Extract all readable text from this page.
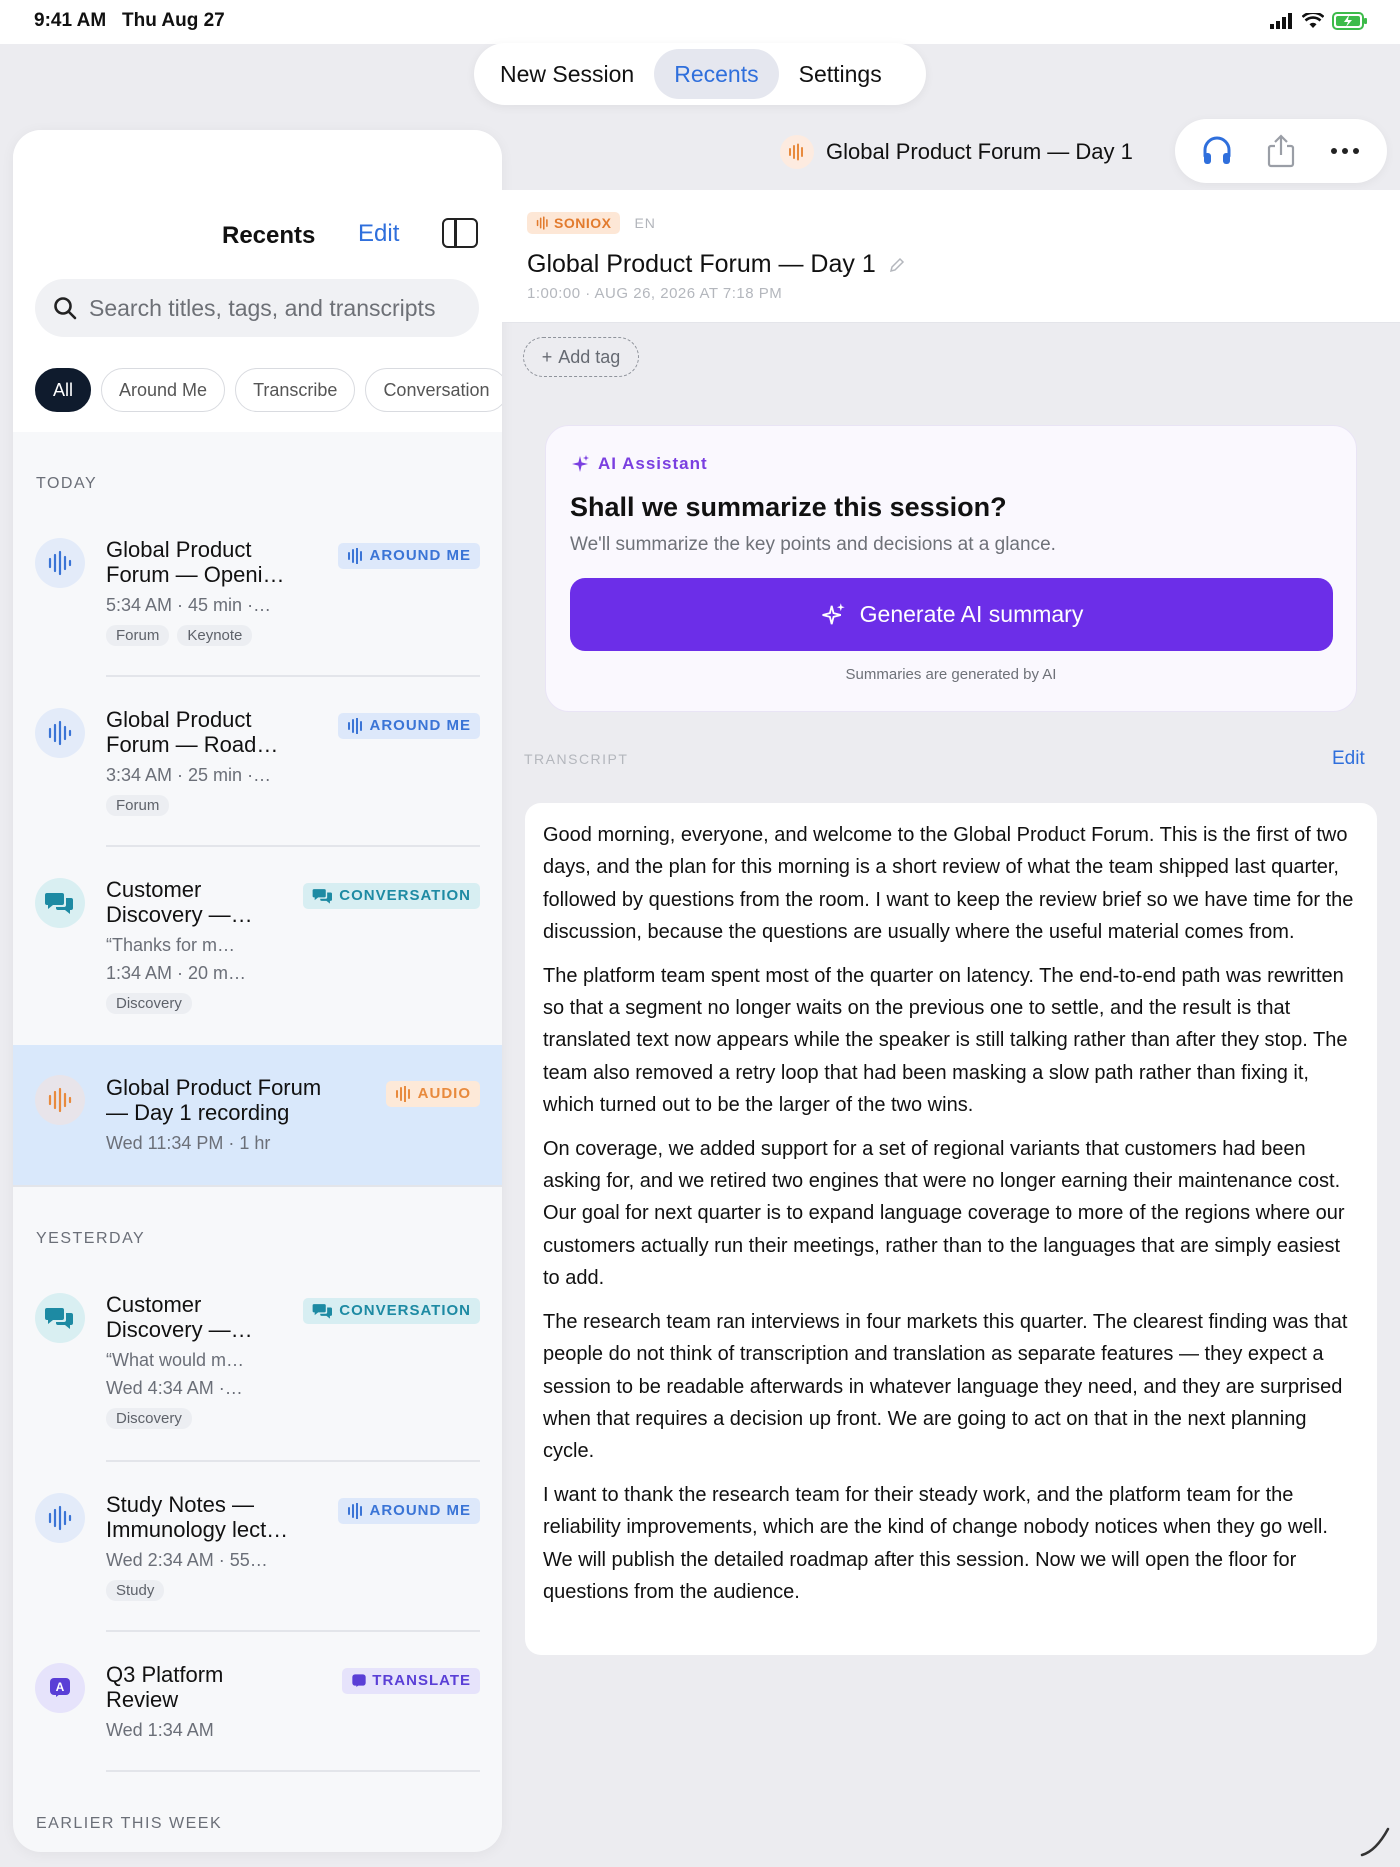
9:41 AM Thu Aug 27
New Session	Recents	Settings
Recents Edit
Search titles, tags, and transcripts
All	Around Me	Transcribe	Conversation
TODAY
Global Product
Forum — Openi…
5:34 AM · 45 min ·…
Forum	Keynote
AROUND ME
Global Product
Forum — Road…
3:34 AM · 25 min ·…
Forum
AROUND ME
Customer
Discovery —…
“Thanks for m…
1:34 AM · 20 m…
Discovery
CONVERSATION
Global Product Forum
— Day 1 recording
Wed 11:34 PM · 1 hr
AUDIO
YESTERDAY
Customer
Discovery —…
“What would m…
Wed 4:34 AM ·…
Discovery
CONVERSATION
Study Notes —
Immunology lect…
Wed 2:34 AM · 55…
Study
AROUND ME
A Q3 Platform
Review
Wed 1:34 AM
TRANSLATE
EARLIER THIS WEEK
Global Product Forum — Day 1
SONIOX EN
Global Product Forum — Day 1
1:00:00 · AUG 26, 2026 AT 7:18 PM
+ Add tag
AI Assistant
Shall we summarize this session?
We'll summarize the key points and decisions at a glance.
Generate AI summary
Summaries are generated by AI
TRANSCRIPT	Edit

Good morning, everyone, and welcome to the Global Product Forum. This is the first of two days, and the plan for this morning is a short review of what the team shipped last quarter, followed by questions from the room. I want to keep the review brief so we have time for the discussion, because the questions are usually where the useful material comes from.

The platform team spent most of the quarter on latency. The end-to-end path was rewritten so that a segment no longer waits on the previous one to settle, and the result is that translated text now appears while the speaker is still talking rather than after they stop. The team also removed a retry loop that had been masking a slow path rather than fixing it, which turned out to be the larger of the two wins.

On coverage, we added support for a set of regional variants that customers had been asking for, and we retired two engines that were no longer earning their maintenance cost. Our goal for next quarter is to expand language coverage to more of the regions where our customers actually run their meetings, rather than to the languages that are simply easiest to add.

The research team ran interviews in four markets this quarter. The clearest finding was that people do not think of transcription and translation as separate features — they expect a session to be readable afterwards in whatever language they need, and they are surprised when that requires a decision up front. We are going to act on that in the next planning cycle.

I want to thank the research team for their steady work, and the platform team for the reliability improvements, which are the kind of change nobody notices when they go well. We will publish the detailed roadmap after this session. Now we will open the floor for questions from the audience.
